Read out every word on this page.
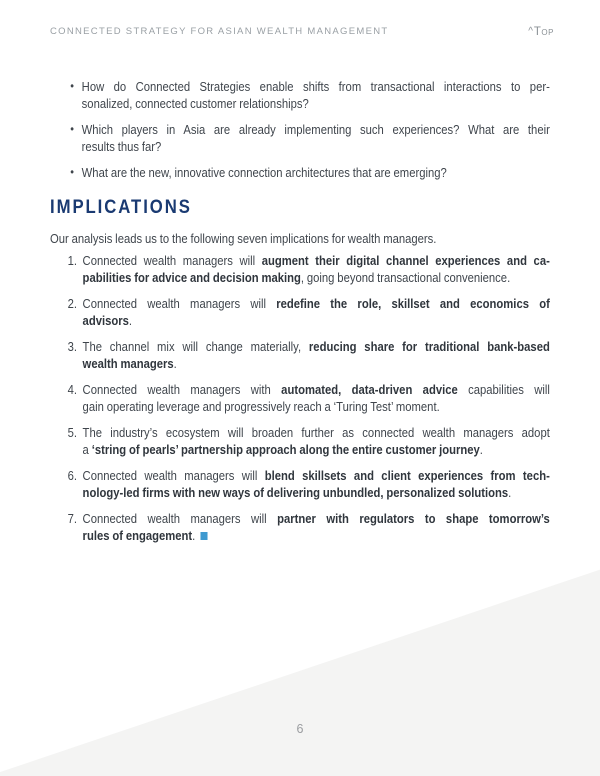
CONNECTED STRATEGY FOR ASIAN WEALTH MANAGEMENT	^ Top
• How do Connected Strategies enable shifts from transactional interactions to per-
sonalized, connected customer relationships?
• Which players in Asia are already implementing such experiences? What are their
results thus far?
• What are the new, innovative connection architectures that are emerging?
IMPLICATIONS
Our analysis leads us to the following seven implications for wealth managers.
1. Connected wealth managers will augment their digital channel experiences and ca-
pabilities for advice and decision making, going beyond transactional convenience.
2. Connected wealth managers will redefine the role, skillset and economics of
advisors.
3. The channel mix will change materially, reducing share for traditional bank-based
wealth managers.
4. Connected wealth managers with automated, data-driven advice capabilities will
gain operating leverage and progressively reach a ‘Turing Test’ moment.
5. The industry’s ecosystem will broaden further as connected wealth managers adopt
a ‘string of pearls’ partnership approach along the entire customer journey.
6. Connected wealth managers will blend skillsets and client experiences from tech-
nology-led firms with new ways of delivering unbundled, personalized solutions.
7. Connected wealth managers will partner with regulators to shape tomorrow’s
rules of engagement.
6
